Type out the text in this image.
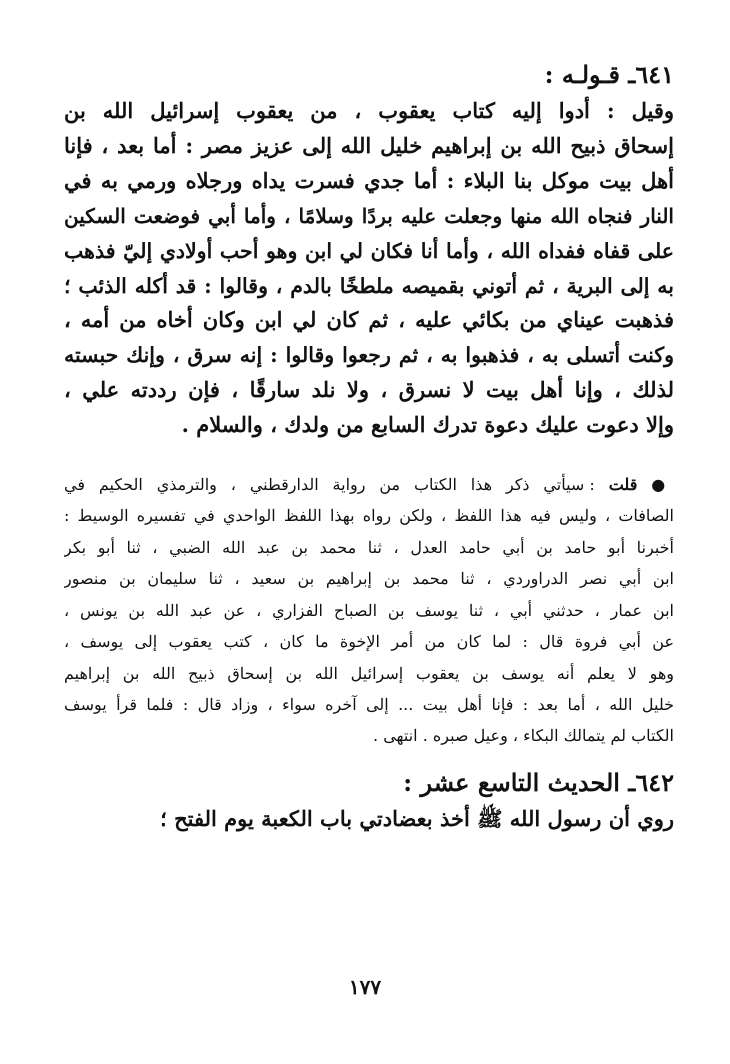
٦٤١ـ قـولـه :

وقيل : أدوا إليه كتاب يعقوب ، من يعقوب إسرائيل الله بن
إسحاق ذبيح الله بن إبراهيم خليل الله إلى عزيز مصر : أما بعد ، فإنا
أهل بيت موكل بنا البلاء : أما جدي فسرت يداه ورجلاه ورمي به في
النار فنجاه الله منها وجعلت عليه بردًا وسلامًا ، وأما أبي فوضعت السكين
على قفاه ففداه الله ، وأما أنا فكان لي ابن وهو أحب أولادي إليّ فذهب
به إلى البرية ، ثم أتوني بقميصه ملطخًا بالدم ، وقالوا : قد أكله الذئب ؛
فذهبت عيناي من بكائي عليه ، ثم كان لي ابن وكان أخاه من أمه ،
وكنت أتسلى به ، فذهبوا به ، ثم رجعوا وقالوا : إنه سرق ، وإنك حبسته
لذلك ، وإنا أهل بيت لا نسرق ، ولا نلد سارقًا ، فإن رددته علي ،
وإلا دعوت عليك دعوة تدرك السابع من ولدك ، والسلام .
● قلت : سيأتي ذكر هذا الكتاب من رواية الدارقطني ، والترمذي الحكيم في
الصافات ، وليس فيه هذا اللفظ ، ولكن رواه بهذا اللفظ الواحدي في تفسيره الوسيط :
أخبرنا أبو حامد بن أبي حامد العدل ، ثنا محمد بن عبد الله الضبي ، ثنا أبو بكر
ابن أبي نصر الدراوردي ، ثنا محمد بن إبراهيم بن سعيد ، ثنا سليمان بن منصور
ابن عمار ، حدثني أبي ، ثنا يوسف بن الصباح الفزاري ، عن عبد الله بن يونس ،
عن أبي فروة قال : لما كان من أمر الإخوة ما كان ، كتب يعقوب إلى يوسف ،
وهو لا يعلم أنه يوسف بن يعقوب إسرائيل الله بن إسحاق ذبيح الله بن إبراهيم
خليل الله ، أما بعد : فإنا أهل بيت ... إلى آخره سواء ، وزاد قال : فلما قرأ يوسف
الكتاب لم يتمالك البكاء ، وعيل صبره . انتهى .

٦٤٢ـ الحديث التاسع عشر :

روي أن رسول الله ﷺ أخذ بعضادتي باب الكعبة يوم الفتح ؛
١٧٧
